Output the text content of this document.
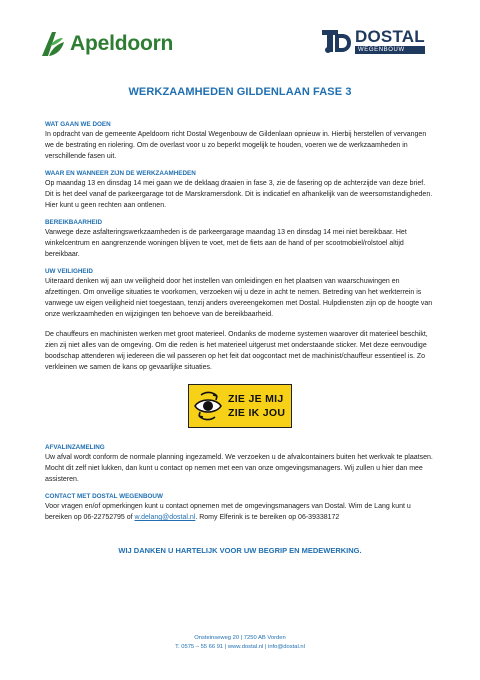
Apeldoorn	DOSTAL
WEGENBOUW
WERKZAAMHEDEN GILDENLAAN FASE 3
WAT GAAN WE DOEN

In opdracht van de gemeente Apeldoorn richt Dostal Wegenbouw de Gildenlaan opnieuw in. Hierbij herstellen of vervangen we de bestrating en riolering. Om de overlast voor u zo beperkt mogelijk te houden, voeren we de werkzaamheden in verschillende fasen uit.

WAAR EN WANNEER ZIJN DE WERKZAAMHEDEN

Op maandag 13 en dinsdag 14 mei gaan we de deklaag draaien in fase 3, zie de fasering op de achterzijde van deze brief. Dit is het deel vanaf de parkeergarage tot de Marskramersdonk. Dit is indicatief en afhankelijk van de weersomstandigheden. Hier kunt u geen rechten aan ontlenen.

BEREIKBAARHEID

Vanwege deze asfalteringswerkzaamheden is de parkeergarage maandag 13 en dinsdag 14 mei niet bereikbaar. Het winkelcentrum en aangrenzende woningen blijven te voet, met de fiets aan de hand of per scootmobiel/rolstoel altijd bereikbaar.

UW VEILIGHEID

Uiteraard denken wij aan uw veiligheid door het instellen van omleidingen en het plaatsen van waarschuwingen en afzettingen. Om onveilige situaties te voorkomen, verzoeken wij u deze in acht te nemen. Betreding van het werkterrein is vanwege uw eigen veiligheid niet toegestaan, tenzij anders overeengekomen met Dostal. Hulpdiensten zijn op de hoogte van onze werkzaamheden en wijzigingen ten behoeve van de bereikbaarheid.

De chauffeurs en machinisten werken met groot materieel. Ondanks de moderne systemen waarover dit materieel beschikt, zien zij niet alles van de omgeving. Om die reden is het materieel uitgerust met onderstaande sticker. Met deze eenvoudige boodschap attenderen wij iedereen die wil passeren op het feit dat oogcontact met de machinist/chauffeur essentieel is. Zo verkleinen we samen de kans op gevaarlijke situaties.

ZIE JE MIJ
ZIE IK JOU
AFVALINZAMELING

Uw afval wordt conform de normale planning ingezameld. We verzoeken u de afvalcontainers buiten het werkvak te plaatsen. Mocht dit zelf niet lukken, dan kunt u contact op nemen met een van onze omgevingsmanagers. Wij zullen u hier dan mee assisteren.

CONTACT MET DOSTAL WEGENBOUW

Voor vragen en/of opmerkingen kunt u contact opnemen met de omgevingsmanagers van Dostal. Wim de Lang kunt u bereiken op 06-22752795 of w.delang@dostal.nl. Romy Elferink is te bereiken op 06-39338172

WIJ DANKEN U HARTELIJK VOOR UW BEGRIP EN MEDEWERKING.
Onsteinseweg 20 | 7250 AB Vorden
T. 0575 – 55 66 91 | www.dostal.nl | info@dostal.nl
